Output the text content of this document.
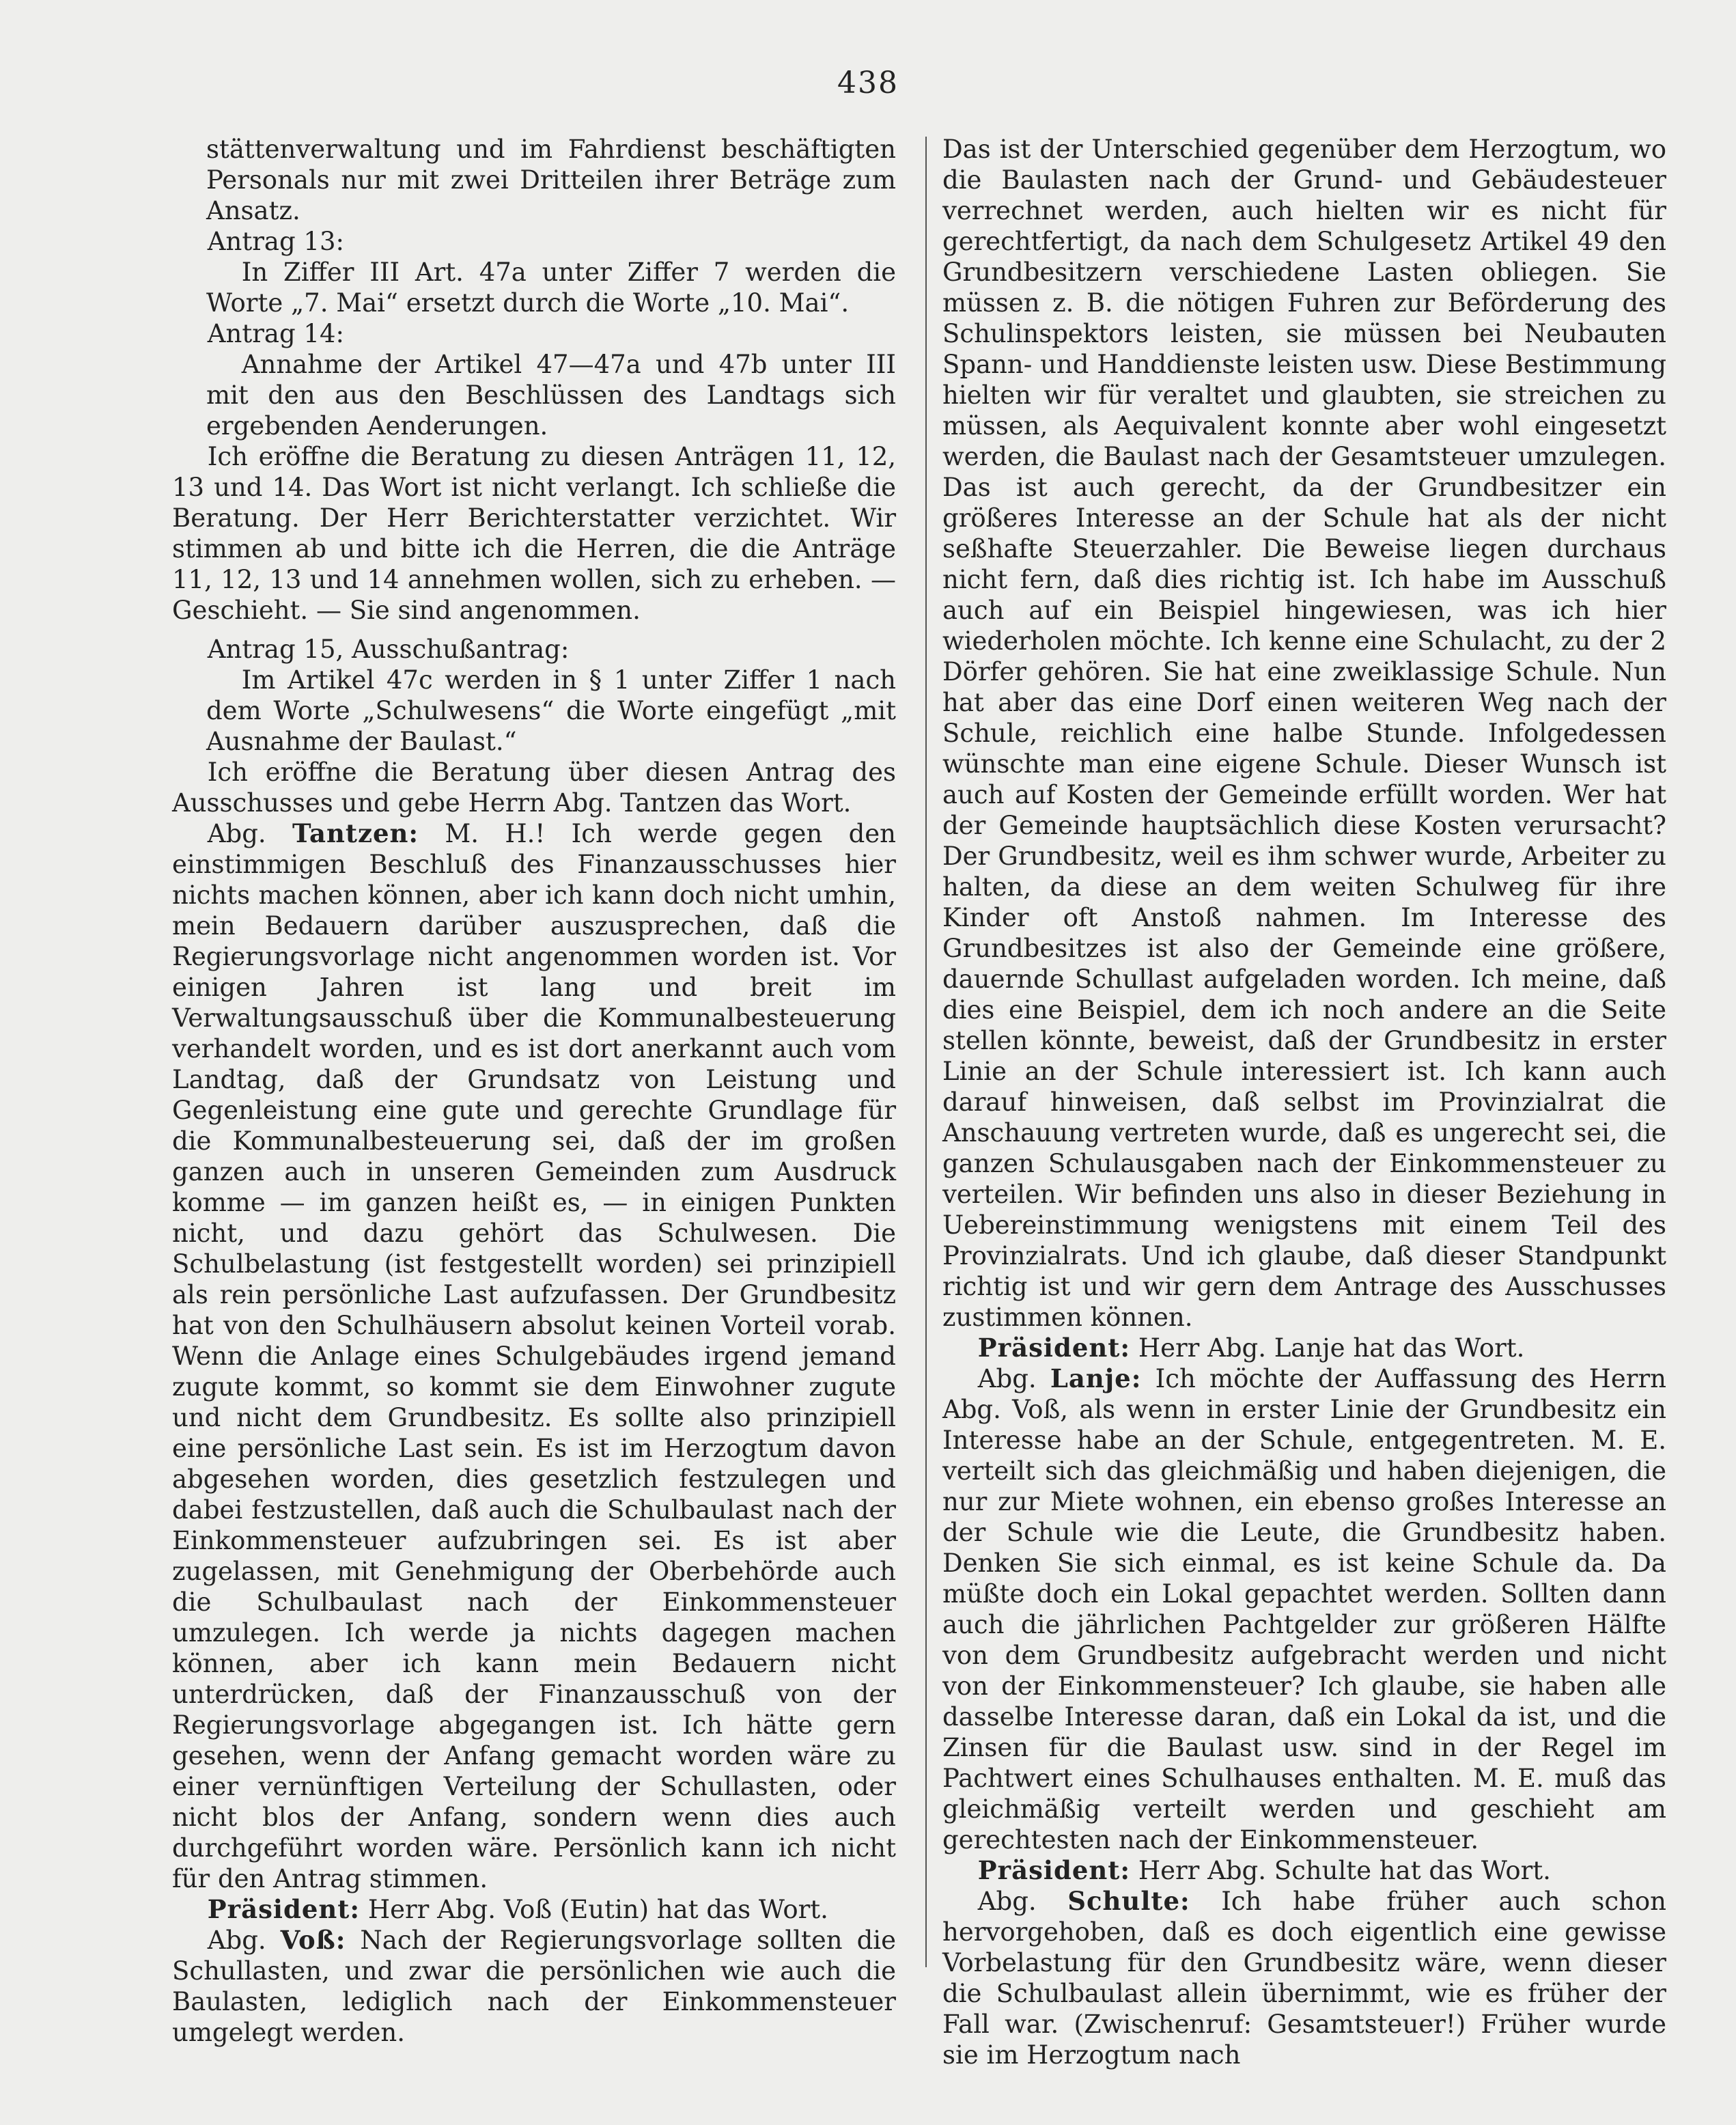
438

stättenverwaltung und im Fahrdienst beschäftigten Personals nur mit zwei Dritteilen ihrer Beträge zum Ansatz.

Antrag 13:

In Ziffer III Art. 47a unter Ziffer 7 werden die Worte „7. Mai“ ersetzt durch die Worte „10. Mai“.

Antrag 14:

Annahme der Artikel 47—47a und 47b unter III mit den aus den Beschlüssen des Landtags sich ergebenden Aenderungen.

Ich eröffne die Beratung zu diesen Anträgen 11, 12, 13 und 14. Das Wort ist nicht verlangt. Ich schließe die Beratung. Der Herr Berichterstatter verzichtet. Wir stimmen ab und bitte ich die Herren, die die Anträge 11, 12, 13 und 14 annehmen wollen, sich zu erheben. — Geschieht. — Sie sind angenommen.

Antrag 15, Ausschußantrag:

Im Artikel 47c werden in § 1 unter Ziffer 1 nach dem Worte „Schulwesens“ die Worte eingefügt „mit Ausnahme der Baulast.“

Ich eröffne die Beratung über diesen Antrag des Ausschusses und gebe Herrn Abg. Tantzen das Wort.

Abg. Tantzen: M. H.! Ich werde gegen den einstimmigen Beschluß des Finanzausschusses hier nichts machen können, aber ich kann doch nicht umhin, mein Bedauern darüber auszusprechen, daß die Regierungsvorlage nicht angenommen worden ist. Vor einigen Jahren ist lang und breit im Verwaltungsausschuß über die Kommunalbesteuerung verhandelt worden, und es ist dort anerkannt auch vom Landtag, daß der Grundsatz von Leistung und Gegenleistung eine gute und gerechte Grundlage für die Kommunalbesteuerung sei, daß der im großen ganzen auch in unseren Gemeinden zum Ausdruck komme — im ganzen heißt es, — in einigen Punkten nicht, und dazu gehört das Schulwesen. Die Schulbelastung (ist festgestellt worden) sei prinzipiell als rein persönliche Last aufzufassen. Der Grundbesitz hat von den Schulhäusern absolut keinen Vorteil vorab. Wenn die Anlage eines Schulgebäudes irgend jemand zugute kommt, so kommt sie dem Einwohner zugute und nicht dem Grundbesitz. Es sollte also prinzipiell eine persönliche Last sein. Es ist im Herzogtum davon abgesehen worden, dies gesetzlich festzulegen und dabei festzustellen, daß auch die Schulbaulast nach der Einkommensteuer aufzubringen sei. Es ist aber zugelassen, mit Genehmigung der Oberbehörde auch die Schulbaulast nach der Einkommensteuer umzulegen. Ich werde ja nichts dagegen machen können, aber ich kann mein Bedauern nicht unterdrücken, daß der Finanzausschuß von der Regierungsvorlage abgegangen ist. Ich hätte gern gesehen, wenn der Anfang gemacht worden wäre zu einer vernünftigen Verteilung der Schullasten, oder nicht blos der Anfang, sondern wenn dies auch durchgeführt worden wäre. Persönlich kann ich nicht für den Antrag stimmen.

Präsident: Herr Abg. Voß (Eutin) hat das Wort.

Abg. Voß: Nach der Regierungsvorlage sollten die Schullasten, und zwar die persönlichen wie auch die Baulasten, lediglich nach der Einkommensteuer umgelegt werden.

Das ist der Unterschied gegenüber dem Herzogtum, wo die Baulasten nach der Grund- und Gebäudesteuer verrechnet werden, auch hielten wir es nicht für gerechtfertigt, da nach dem Schulgesetz Artikel 49 den Grundbesitzern verschiedene Lasten obliegen. Sie müssen z. B. die nötigen Fuhren zur Beförderung des Schulinspektors leisten, sie müssen bei Neubauten Spann- und Handdienste leisten usw. Diese Bestimmung hielten wir für veraltet und glaubten, sie streichen zu müssen, als Aequivalent konnte aber wohl eingesetzt werden, die Baulast nach der Gesamtsteuer umzulegen. Das ist auch gerecht, da der Grundbesitzer ein größeres Interesse an der Schule hat als der nicht seßhafte Steuerzahler. Die Beweise liegen durchaus nicht fern, daß dies richtig ist. Ich habe im Ausschuß auch auf ein Beispiel hingewiesen, was ich hier wiederholen möchte. Ich kenne eine Schulacht, zu der 2 Dörfer gehören. Sie hat eine zweiklassige Schule. Nun hat aber das eine Dorf einen weiteren Weg nach der Schule, reichlich eine halbe Stunde. Infolgedessen wünschte man eine eigene Schule. Dieser Wunsch ist auch auf Kosten der Gemeinde erfüllt worden. Wer hat der Gemeinde hauptsächlich diese Kosten verursacht? Der Grundbesitz, weil es ihm schwer wurde, Arbeiter zu halten, da diese an dem weiten Schulweg für ihre Kinder oft Anstoß nahmen. Im Interesse des Grundbesitzes ist also der Gemeinde eine größere, dauernde Schullast aufgeladen worden. Ich meine, daß dies eine Beispiel, dem ich noch andere an die Seite stellen könnte, beweist, daß der Grundbesitz in erster Linie an der Schule interessiert ist. Ich kann auch darauf hinweisen, daß selbst im Provinzialrat die Anschauung vertreten wurde, daß es ungerecht sei, die ganzen Schulausgaben nach der Einkommensteuer zu verteilen. Wir befinden uns also in dieser Beziehung in Uebereinstimmung wenigstens mit einem Teil des Provinzialrats. Und ich glaube, daß dieser Standpunkt richtig ist und wir gern dem Antrage des Ausschusses zustimmen können.

Präsident: Herr Abg. Lanje hat das Wort.

Abg. Lanje: Ich möchte der Auffassung des Herrn Abg. Voß, als wenn in erster Linie der Grundbesitz ein Interesse habe an der Schule, entgegentreten. M. E. verteilt sich das gleichmäßig und haben diejenigen, die nur zur Miete wohnen, ein ebenso großes Interesse an der Schule wie die Leute, die Grundbesitz haben. Denken Sie sich einmal, es ist keine Schule da. Da müßte doch ein Lokal gepachtet werden. Sollten dann auch die jährlichen Pachtgelder zur größeren Hälfte von dem Grundbesitz aufgebracht werden und nicht von der Einkommensteuer? Ich glaube, sie haben alle dasselbe Interesse daran, daß ein Lokal da ist, und die Zinsen für die Baulast usw. sind in der Regel im Pachtwert eines Schulhauses enthalten. M. E. muß das gleichmäßig verteilt werden und geschieht am gerechtesten nach der Einkommensteuer.

Präsident: Herr Abg. Schulte hat das Wort.

Abg. Schulte: Ich habe früher auch schon hervorgehoben, daß es doch eigentlich eine gewisse Vorbelastung für den Grundbesitz wäre, wenn dieser die Schulbaulast allein übernimmt, wie es früher der Fall war. (Zwischenruf: Gesamtsteuer!) Früher wurde sie im Herzogtum nach
